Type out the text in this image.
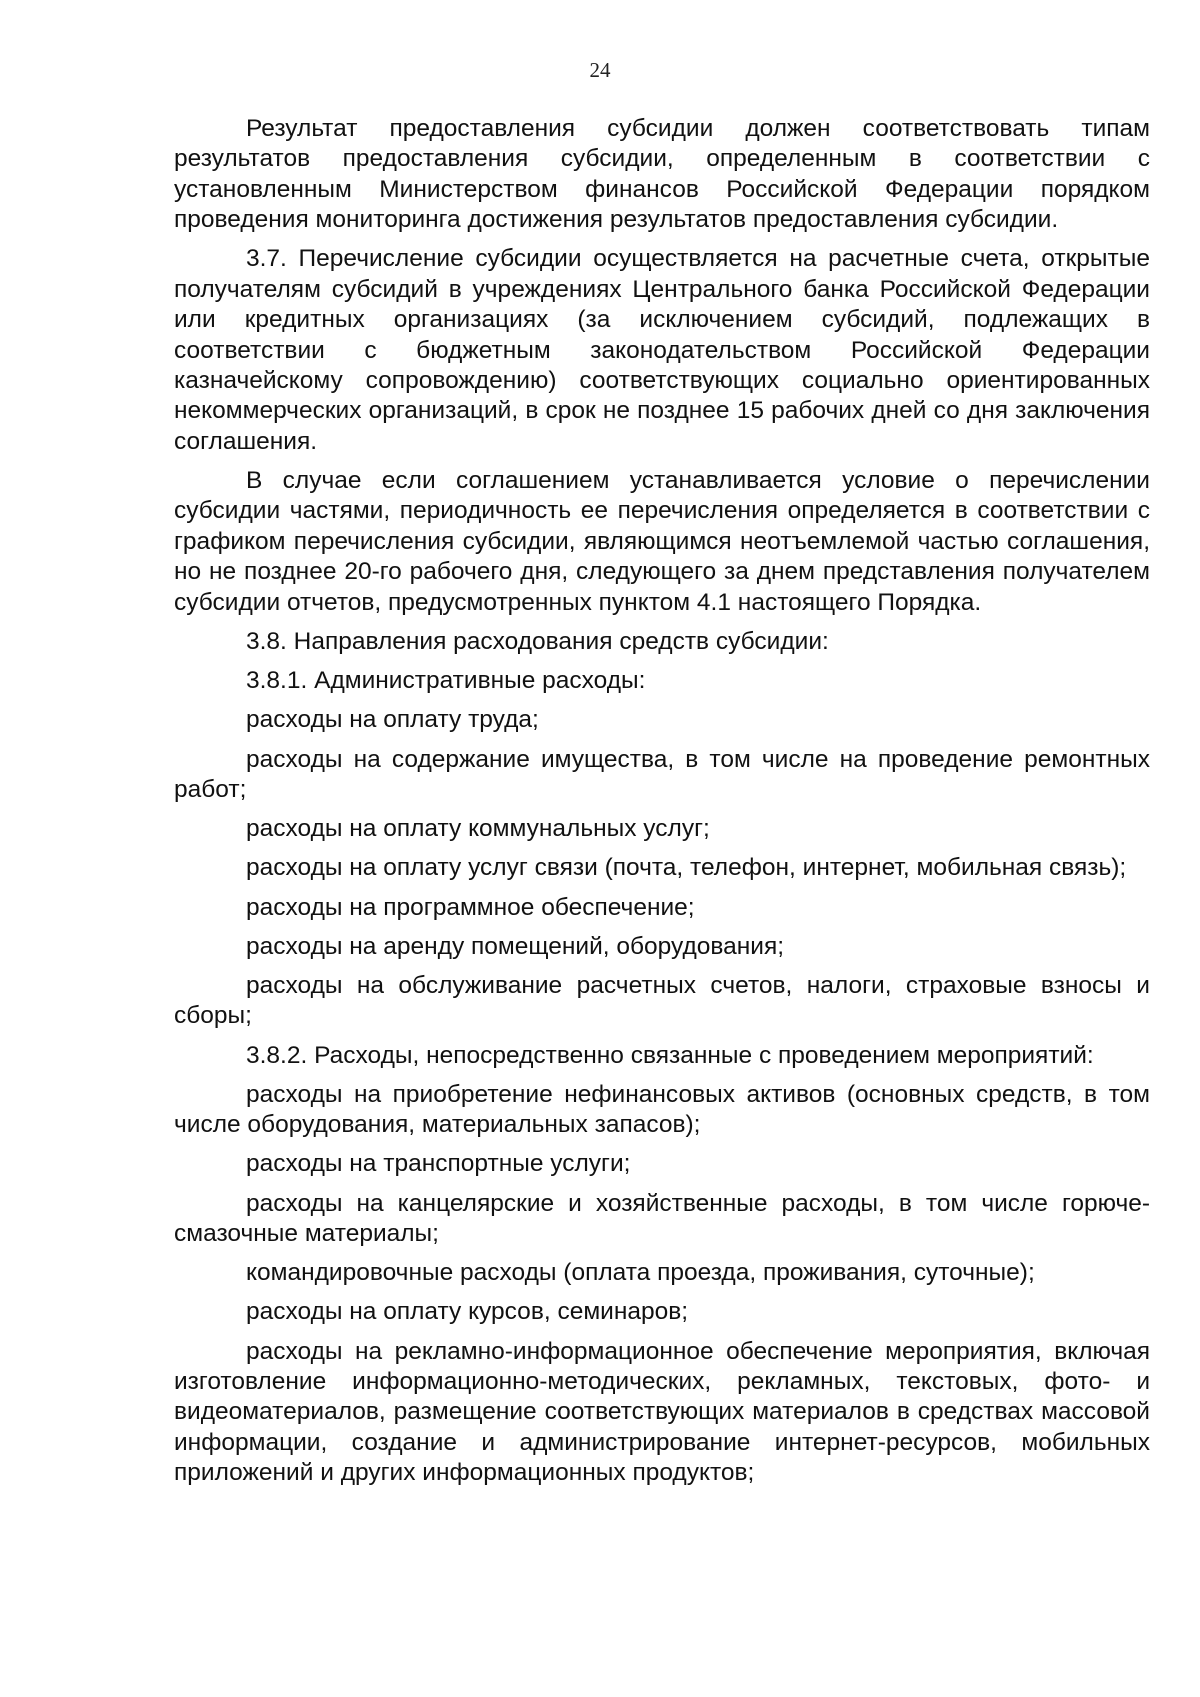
24

Результат предоставления субсидии должен соответствовать типам результатов предоставления субсидии, определенным в соответствии с установленным Министерством финансов Российской Федерации порядком проведения мониторинга достижения результатов предоставления субсидии.

3.7. Перечисление субсидии осуществляется на расчетные счета, открытые получателям субсидий в учреждениях Центрального банка Российской Федерации или кредитных организациях (за исключением субсидий, подлежащих в соответствии с бюджетным законодательством Российской Федерации казначейскому сопровождению) соответствующих социально ориентированных некоммерческих организаций, в срок не позднее 15 рабочих дней со дня заключения соглашения.

В случае если соглашением устанавливается условие о перечислении субсидии частями, периодичность ее перечисления определяется в соответствии с графиком перечисления субсидии, являющимся неотъемлемой частью соглашения, но не позднее 20-го рабочего дня, следующего за днем представления получателем субсидии отчетов, предусмотренных пунктом 4.1 настоящего Порядка.

3.8. Направления расходования средств субсидии:

3.8.1. Административные расходы:

расходы на оплату труда;

расходы на содержание имущества, в том числе на проведение ремонтных работ;

расходы на оплату коммунальных услуг;

расходы на оплату услуг связи (почта, телефон, интернет, мобильная связь);

расходы на программное обеспечение;

расходы на аренду помещений, оборудования;

расходы на обслуживание расчетных счетов, налоги, страховые взносы и сборы;

3.8.2. Расходы, непосредственно связанные с проведением мероприятий:

расходы на приобретение нефинансовых активов (основных средств, в том числе оборудования, материальных запасов);

расходы на транспортные услуги;

расходы на канцелярские и хозяйственные расходы, в том числе горюче-смазочные материалы;

командировочные расходы (оплата проезда, проживания, суточные);

расходы на оплату курсов, семинаров;

расходы на рекламно-информационное обеспечение мероприятия, включая изготовление информационно-методических, рекламных, текстовых, фото- и видеоматериалов, размещение соответствующих материалов в средствах массовой информации, создание и администрирование интернет-ресурсов, мобильных приложений и других информационных продуктов;
